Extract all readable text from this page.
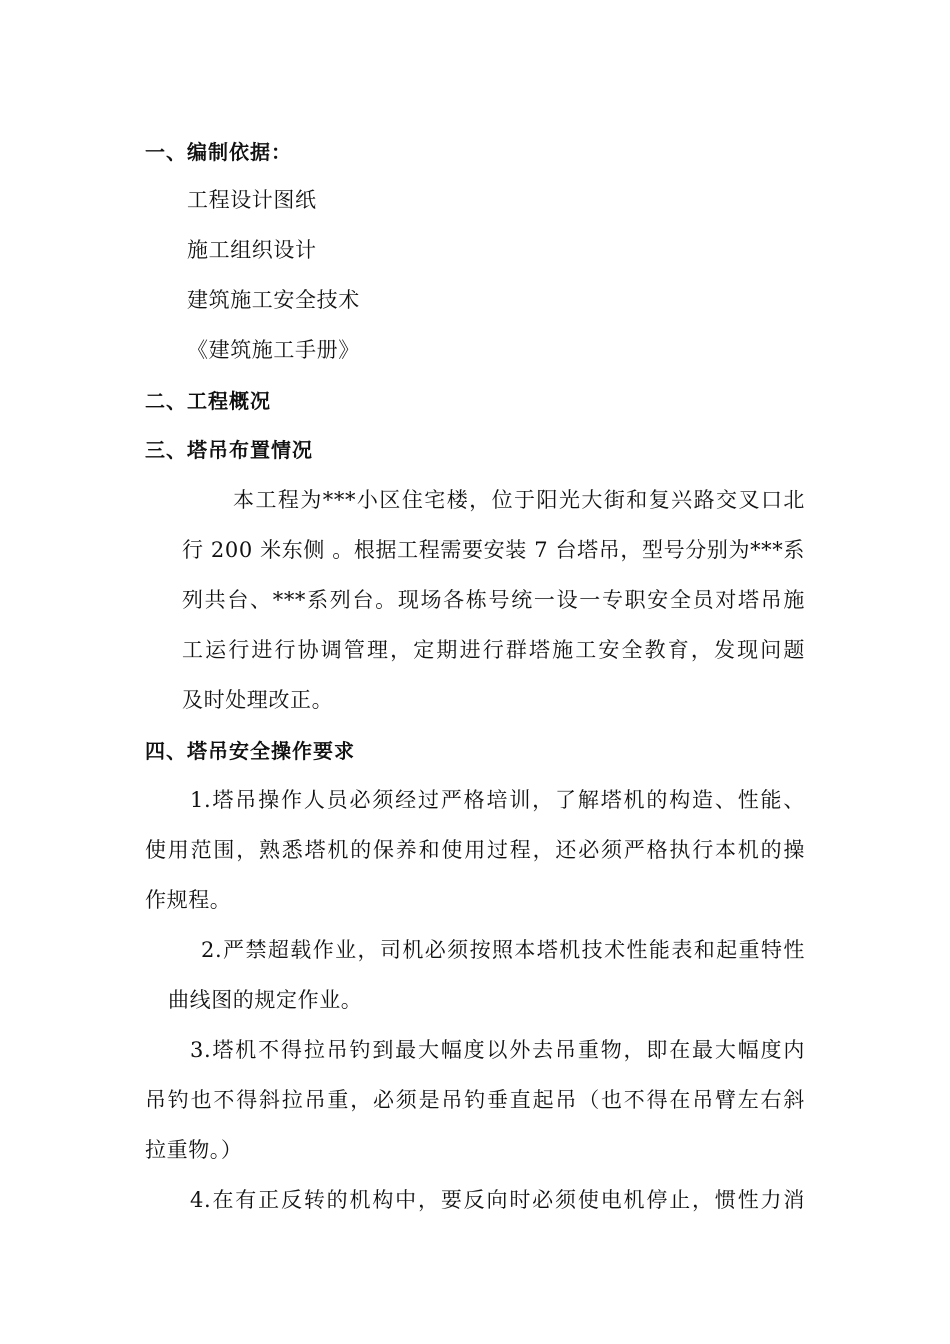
一、编制依据：
工程设计图纸
施工组织设计
建筑施工安全技术
《建筑施工手册》
二、工程概况
三、塔吊布置情况
本工程为***小区住宅楼，位于阳光大街和复兴路交叉口北
行 200 米东侧 。根据工程需要安装 7 台塔吊，型号分别为***系
列共台、***系列台。现场各栋号统一设一专职安全员对塔吊施
工运行进行协调管理，定期进行群塔施工安全教育，发现问题
及时处理改正。
四、塔吊安全操作要求
1.塔吊操作人员必须经过严格培训，了解塔机的构造、性能、
使用范围，熟悉塔机的保养和使用过程，还必须严格执行本机的操
作规程。
2.严禁超载作业，司机必须按照本塔机技术性能表和起重特性
曲线图的规定作业。
3.塔机不得拉吊钓到最大幅度以外去吊重物，即在最大幅度内
吊钓也不得斜拉吊重，必须是吊钓垂直起吊（也不得在吊臂左右斜
拉重物。）
4.在有正反转的机构中，要反向时必须使电机停止，惯性力消
